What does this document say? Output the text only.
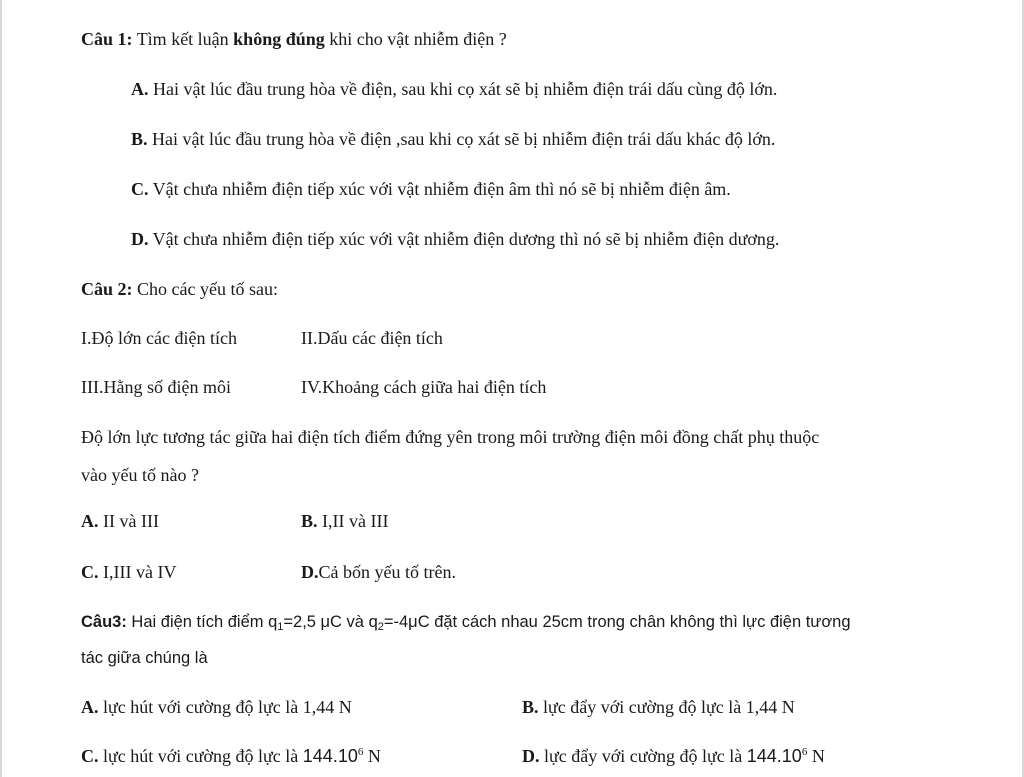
Câu 1: Tìm kết luận không đúng khi cho vật nhiễm điện ?
A. Hai vật lúc đầu trung hòa về điện, sau khi cọ xát sẽ bị nhiễm điện trái dấu cùng độ lớn.
B. Hai vật lúc đầu trung hòa về điện ,sau khi cọ xát sẽ bị nhiễm điện trái dấu khác độ lớn.
C. Vật chưa nhiễm điện tiếp xúc với vật nhiễm điện âm thì nó sẽ bị nhiễm điện âm.
D. Vật chưa nhiễm điện tiếp xúc với vật nhiễm điện dương thì nó sẽ bị nhiễm điện dương.
Câu 2: Cho các yếu tố sau:
I.Độ lớn các điện tích	II.Dấu các điện tích
III.Hằng số điện môi	IV.Khoảng cách giữa hai điện tích
Độ lớn lực tương tác giữa hai điện tích điểm đứng yên trong môi trường điện môi đồng chất phụ thuộc
vào yếu tố nào ?
A. II và III	B. I,II và III
C. I,III và IV	D.Cả bốn yếu tố trên.
Câu3: Hai điện tích điểm $q_1=2,5$ μC và $q_2=-4\mu C$ đặt cách nhau 25cm trong chân không thì lực điện tương
tác giữa chúng là
A. lực hút với cường độ lực là 1,44 N	B. lực đẩy với cường độ lực là 1,44 N
C. lực hút với cường độ lực là 144.10$^6$ N	D. lực đẩy với cường độ lực là 144.10$^6$ N
